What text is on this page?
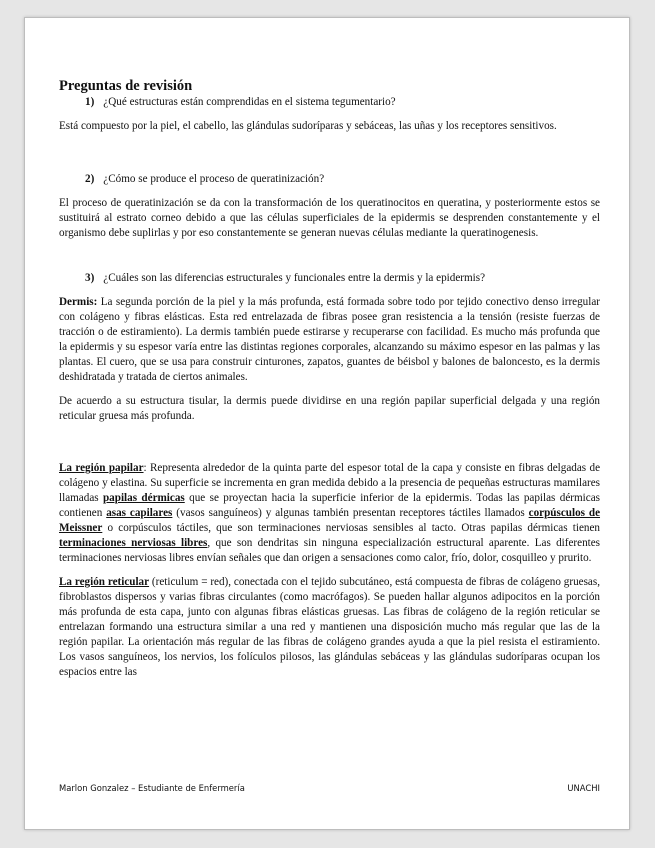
Preguntas de revisión
1) ¿Qué estructuras están comprendidas en el sistema tegumentario?

Está compuesto por la piel, el cabello, las glándulas sudoríparas y sebáceas, las uñas y los receptores sensitivos.

2) ¿Cómo se produce el proceso de queratinización?

El proceso de queratinización se da con la transformación de los queratinocitos en queratina, y posteriormente estos se sustituirá al estrato corneo debido a que las células superficiales de la epidermis se desprenden constantemente y el organismo debe suplirlas y por eso constantemente se generan nuevas células mediante la queratinogenesis.

3) ¿Cuáles son las diferencias estructurales y funcionales entre la dermis y la epidermis?

Dermis: La segunda porción de la piel y la más profunda, está formada sobre todo por tejido conectivo denso irregular con colágeno y fibras elásticas. Esta red entrelazada de fibras posee gran resistencia a la tensión (resiste fuerzas de tracción o de estiramiento). La dermis también puede estirarse y recuperarse con facilidad. Es mucho más profunda que la epidermis y su espesor varía entre las distintas regiones corporales, alcanzando su máximo espesor en las palmas y las plantas. El cuero, que se usa para construir cinturones, zapatos, guantes de béisbol y balones de baloncesto, es la dermis deshidratada y tratada de ciertos animales.

De acuerdo a su estructura tisular, la dermis puede dividirse en una región papilar superficial delgada y una región reticular gruesa más profunda.

La región papilar: Representa alrededor de la quinta parte del espesor total de la capa y consiste en fibras delgadas de colágeno y elastina. Su superficie se incrementa en gran medida debido a la presencia de pequeñas estructuras mamilares llamadas papilas dérmicas que se proyectan hacia la superficie inferior de la epidermis. Todas las papilas dérmicas contienen asas capilares (vasos sanguíneos) y algunas también presentan receptores táctiles llamados corpúsculos de Meissner o corpúsculos táctiles, que son terminaciones nerviosas sensibles al tacto. Otras papilas dérmicas tienen terminaciones nerviosas libres, que son dendritas sin ninguna especialización estructural aparente. Las diferentes terminaciones nerviosas libres envían señales que dan origen a sensaciones como calor, frío, dolor, cosquilleo y prurito.

La región reticular (reticulum = red), conectada con el tejido subcutáneo, está compuesta de fibras de colágeno gruesas, fibroblastos dispersos y varias fibras circulantes (como macrófagos). Se pueden hallar algunos adipocitos en la porción más profunda de esta capa, junto con algunas fibras elásticas gruesas. Las fibras de colágeno de la región reticular se entrelazan formando una estructura similar a una red y mantienen una disposición mucho más regular que las de la región papilar. La orientación más regular de las fibras de colágeno grandes ayuda a que la piel resista el estiramiento. Los vasos sanguíneos, los nervios, los folículos pilosos, las glándulas sebáceas y las glándulas sudoríparas ocupan los espacios entre las

Marlon Gonzalez – Estudiante de Enfermería	UNACHI
